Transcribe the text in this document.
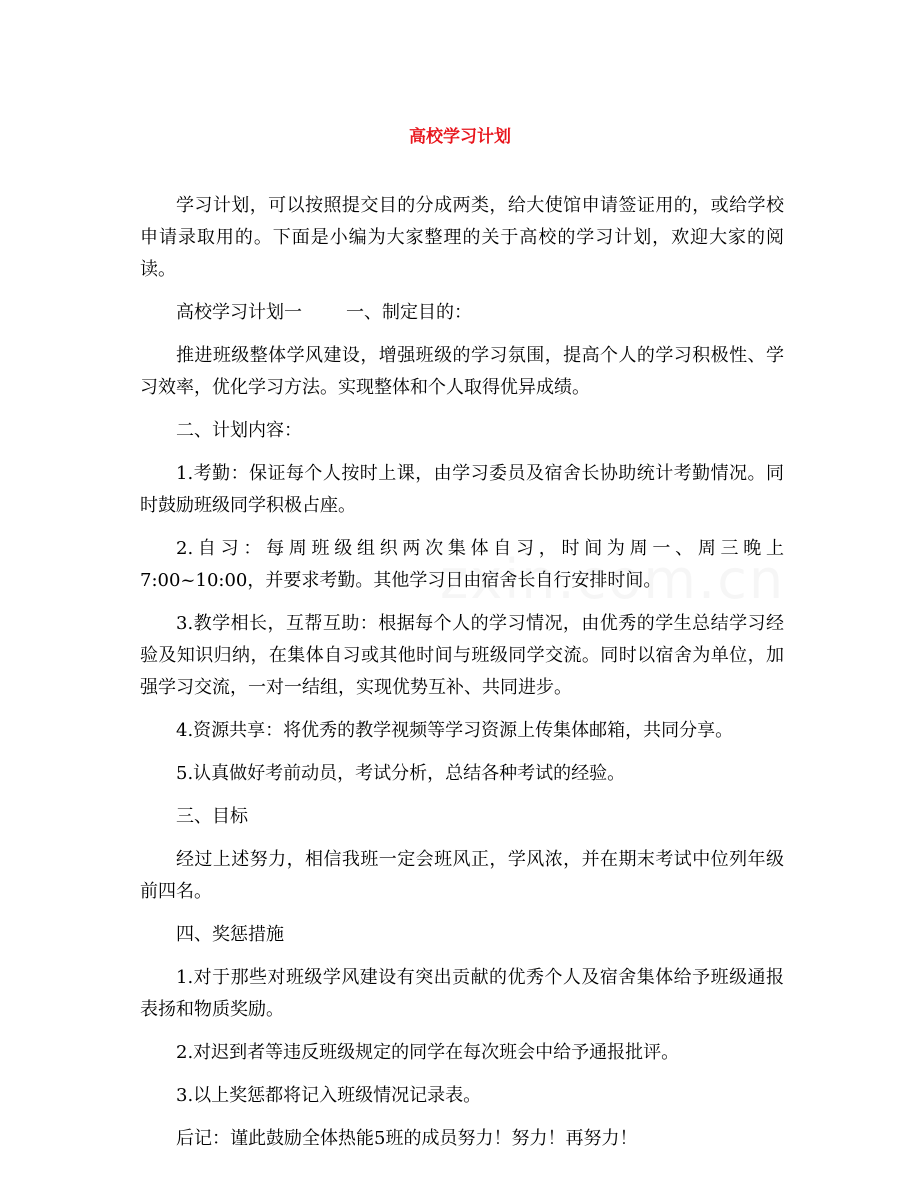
高校学习计划

学习计划，可以按照提交目的分成两类，给大使馆申请签证用的，或给学校申请录取用的。下面是小编为大家整理的关于高校的学习计划，欢迎大家的阅读。

高校学习计划一 一、制定目的：

推进班级整体学风建设，增强班级的学习氛围，提高个人的学习积极性、学习效率，优化学习方法。实现整体和个人取得优异成绩。

二、计划内容：

1.考勤：保证每个人按时上课，由学习委员及宿舍长协助统计考勤情况。同时鼓励班级同学积极占座。

2.自习：每周班级组织两次集体自习，时间为周一、周三晚上7:00~10:00，并要求考勤。其他学习日由宿舍长自行安排时间。

3.教学相长，互帮互助：根据每个人的学习情况，由优秀的学生总结学习经验及知识归纳，在集体自习或其他时间与班级同学交流。同时以宿舍为单位，加强学习交流，一对一结组，实现优势互补、共同进步。

4.资源共享：将优秀的教学视频等学习资源上传集体邮箱，共同分享。

5.认真做好考前动员，考试分析，总结各种考试的经验。

三、目标

经过上述努力，相信我班一定会班风正，学风浓，并在期末考试中位列年级前四名。

四、奖惩措施

1.对于那些对班级学风建设有突出贡献的优秀个人及宿舍集体给予班级通报表扬和物质奖励。

2.对迟到者等违反班级规定的同学在每次班会中给予通报批评。

3.以上奖惩都将记入班级情况记录表。

后记：谨此鼓励全体热能5班的成员努力！努力！再努力！
